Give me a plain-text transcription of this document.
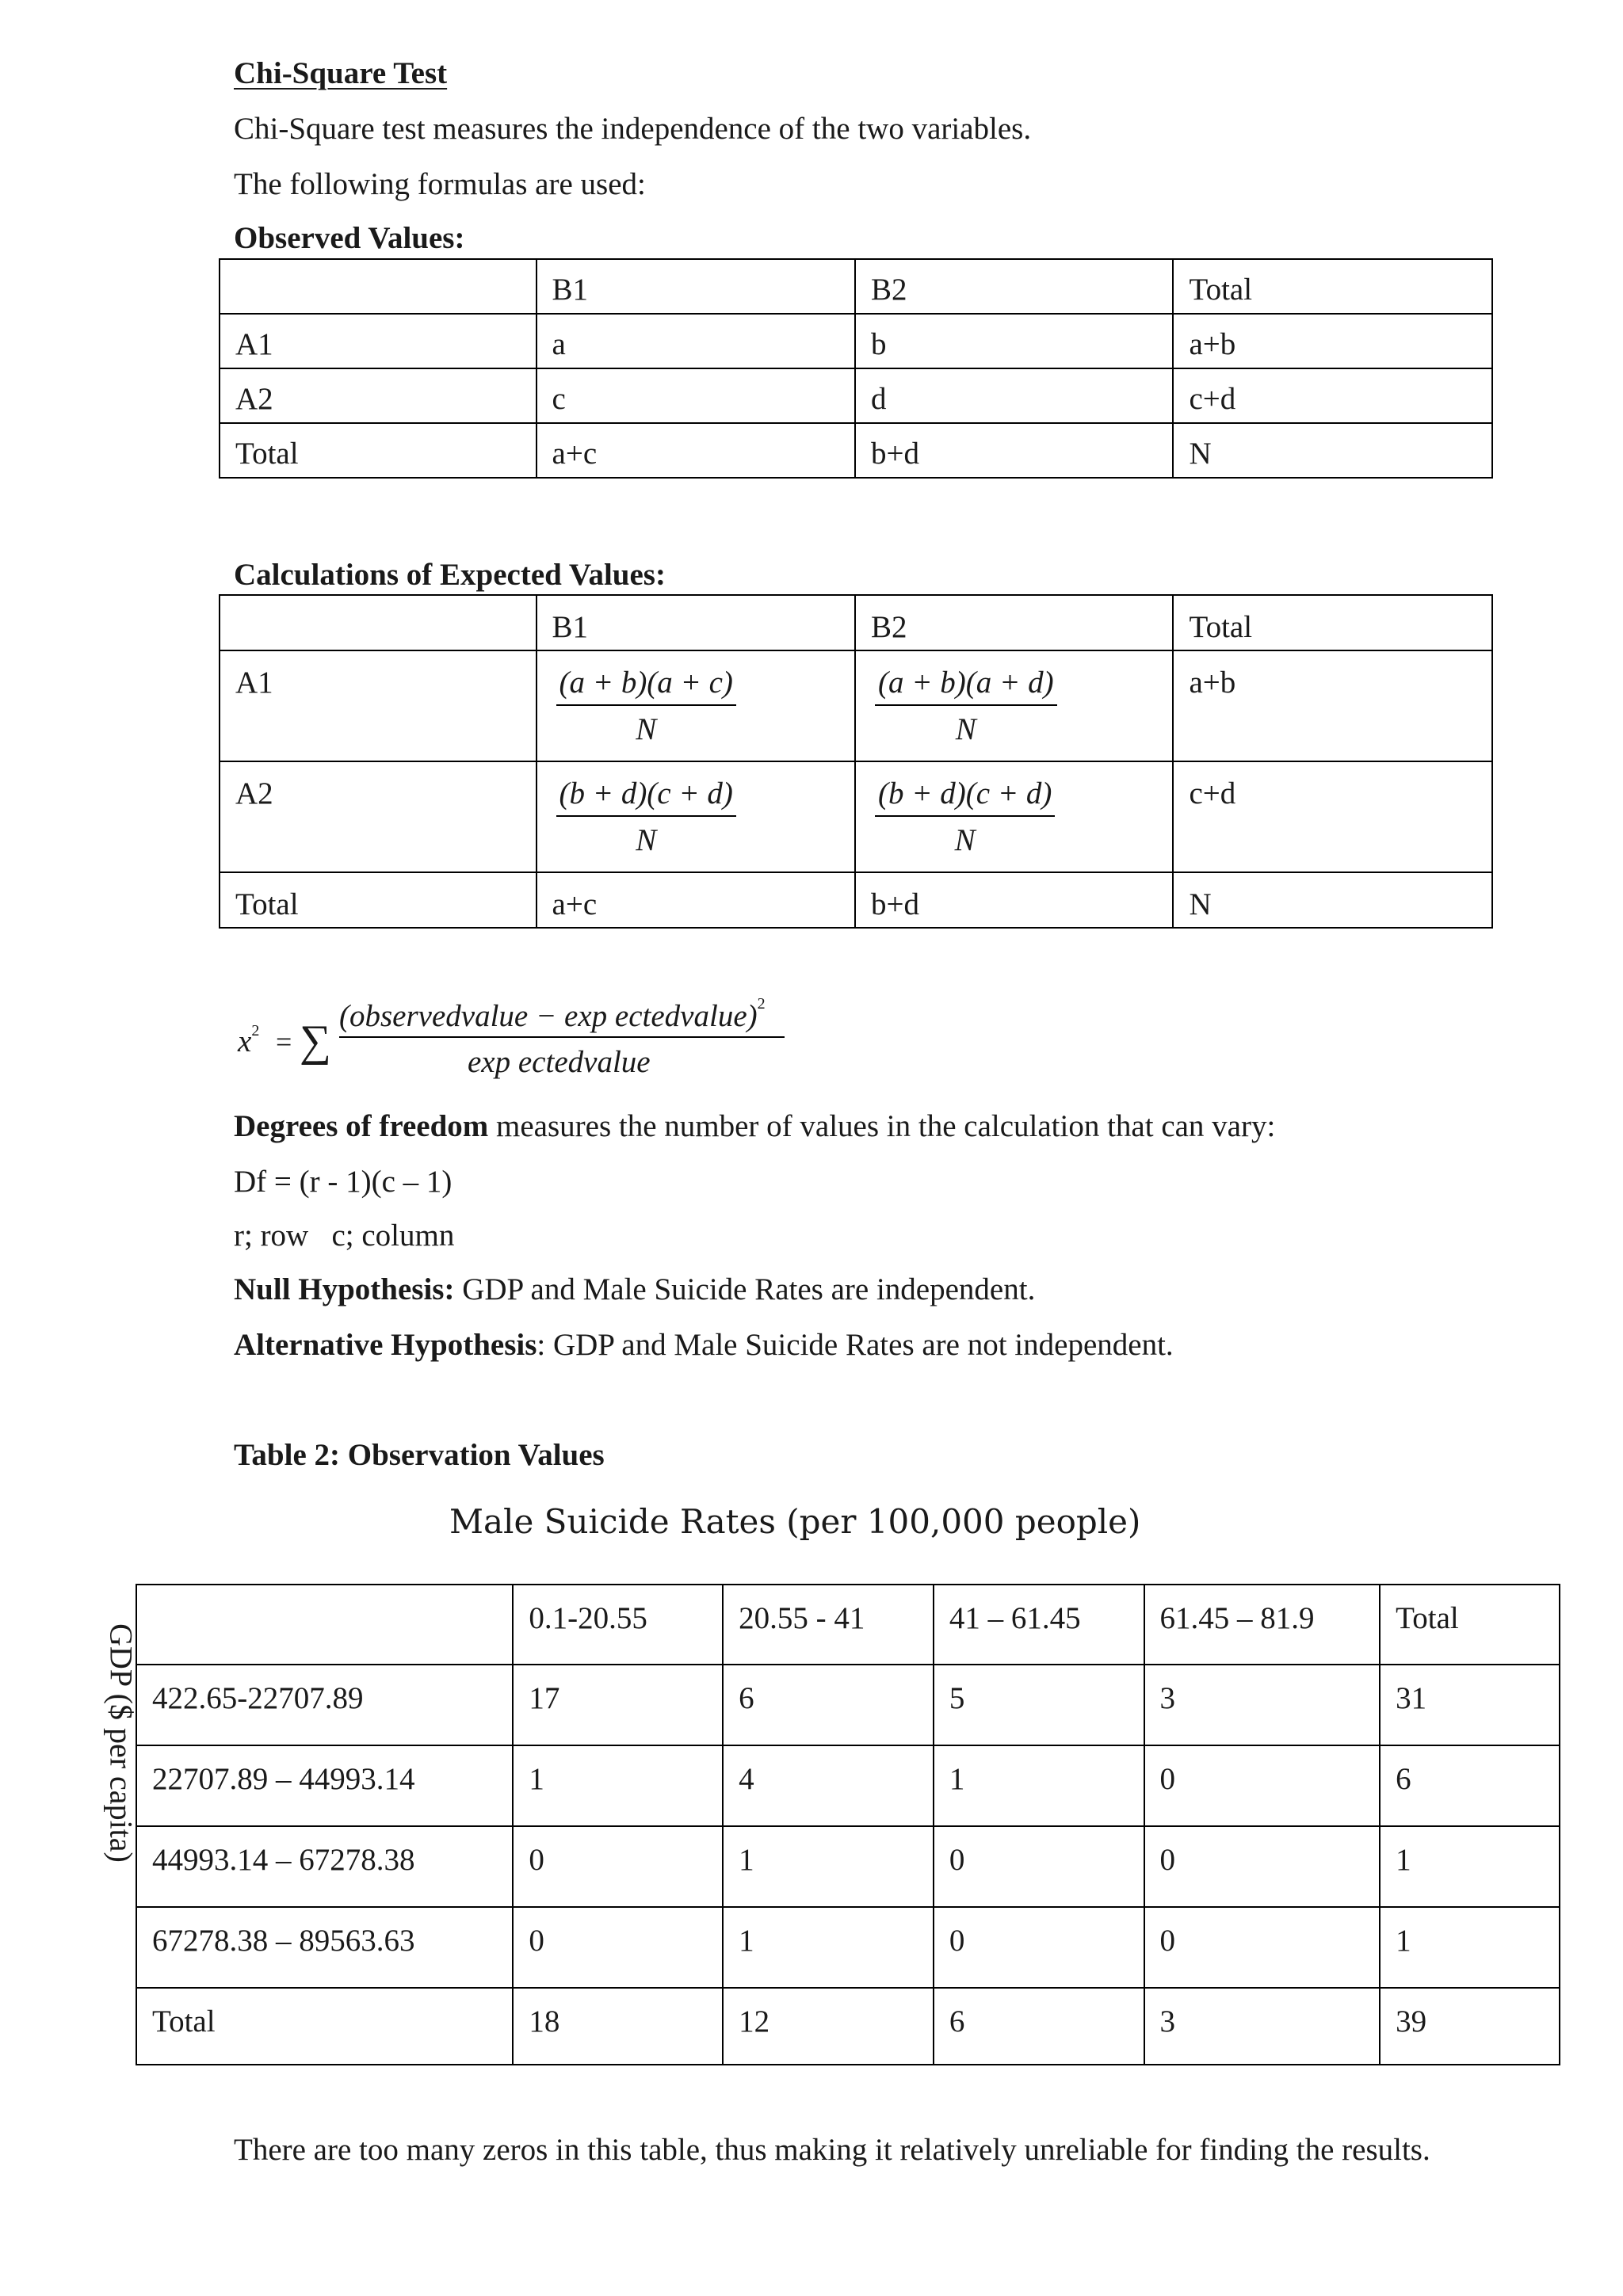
Chi-Square Test
Chi-Square test measures the independence of the two variables.
The following formulas are used:
Observed Values:
	B1	B2	Total
A1	a	b	a+b
A2	c	d	c+d
Total	a+c	b+d	N
Calculations of Expected Values:
	B1	B2	Total
A1	$\frac{(a + b)(a + c)}{N}$	$\frac{(a + b)(a + d)}{N}$	a+b
A2	$\frac{(b + d)(c + d)}{N}$	$\frac{(b + d)(c + d)}{N}$	c+d
Total	a+c	b+d	N
$x^2$ = ∑
(observedvalue − exp ectedvalue)$^2$
exp ectedvalue
Degrees of freedom measures the number of values in the calculation that can vary:
Df = (r - 1)(c – 1)
r; row   c; column
Null Hypothesis: GDP and Male Suicide Rates are independent.
Alternative Hypothesis: GDP and Male Suicide Rates are not independent.
Table 2: Observation Values
Male Suicide Rates (per 100,000 people)
GDP ($ per capita)
	0.1-20.55	20.55 - 41	41 – 61.45	61.45 – 81.9	Total
422.65-22707.89	17	6	5	3	31
22707.89 – 44993.14	1	4	1	0	6
44993.14 – 67278.38	0	1	0	0	1
67278.38 – 89563.63	0	1	0	0	1
Total	18	12	6	3	39
There are too many zeros in this table, thus making it relatively unreliable for finding the results.
